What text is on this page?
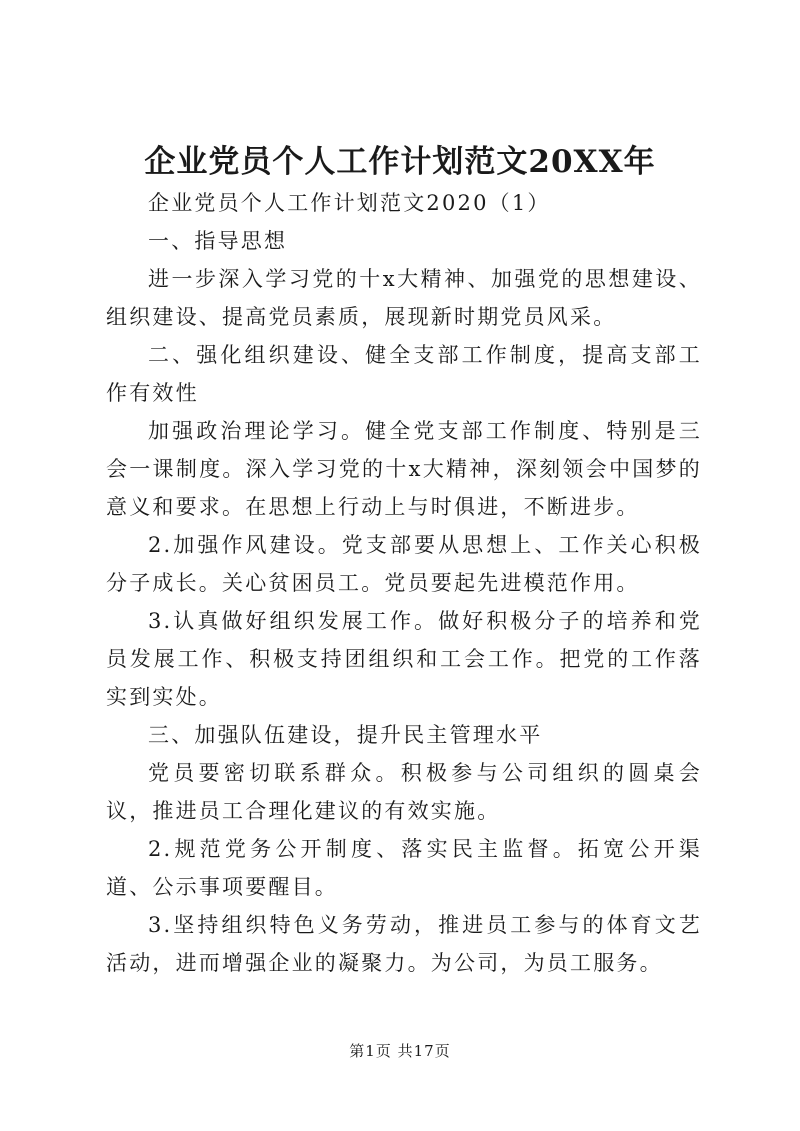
企业党员个人工作计划范文20XX年

企业党员个人工作计划范文2020（1）

一、指导思想

进一步深入学习党的十x大精神、加强党的思想建设、组织建设、提高党员素质，展现新时期党员风采。

二、强化组织建设、健全支部工作制度，提高支部工作有效性

加强政治理论学习。健全党支部工作制度、特别是三会一课制度。深入学习党的十x大精神，深刻领会中国梦的意义和要求。在思想上行动上与时俱进，不断进步。

2.加强作风建设。党支部要从思想上、工作关心积极分子成长。关心贫困员工。党员要起先进模范作用。

3.认真做好组织发展工作。做好积极分子的培养和党员发展工作、积极支持团组织和工会工作。把党的工作落实到实处。

三、加强队伍建设，提升民主管理水平

党员要密切联系群众。积极参与公司组织的圆桌会议，推进员工合理化建议的有效实施。

2.规范党务公开制度、落实民主监督。拓宽公开渠道、公示事项要醒目。

3.坚持组织特色义务劳动，推进员工参与的体育文艺活动，进而增强企业的凝聚力。为公司，为员工服务。

第1页 共17页
